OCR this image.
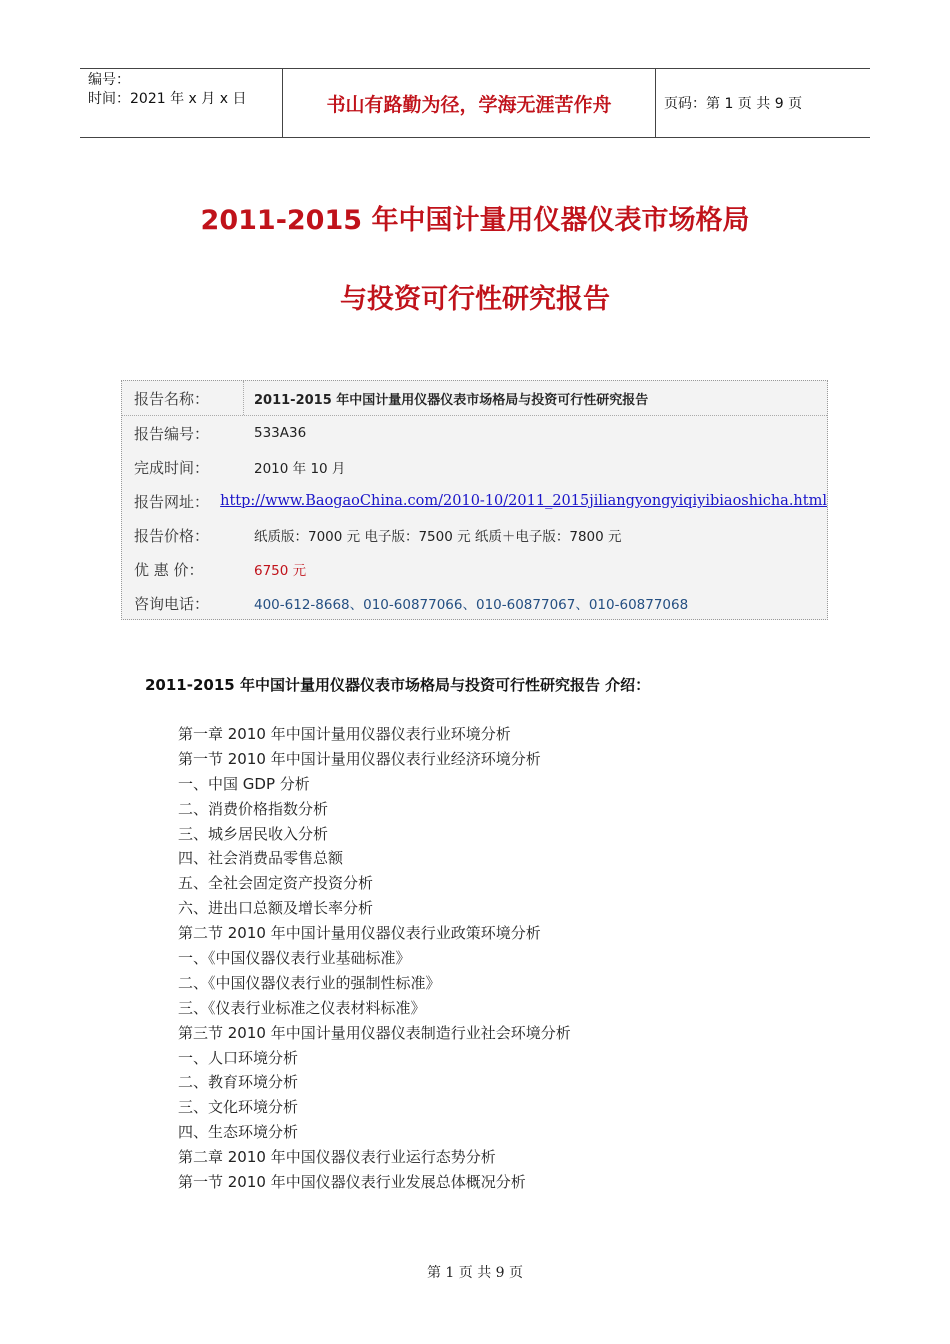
编号：
时间：2021 年 x 月 x 日	书山有路勤为径，学海无涯苦作舟	页码：第 1 页 共 9 页
2011-2015 年中国计量用仪器仪表市场格局
与投资可行性研究报告
报告名称：	2011-2015 年中国计量用仪器仪表市场格局与投资可行性研究报告
报告编号：	533A36
完成时间：	2010 年 10 月
报告网址： http://www.BaogaoChina.com/2010-10/2011_2015jiliangyongyiqiyibiaoshicha.html
报告价格：	纸质版：7000 元 电子版：7500 元 纸质＋电子版：7800 元
优 惠 价：	6750 元
咨询电话：	400-612-8668、010-60877066、010-60877067、010-60877068
2011-2015 年中国计量用仪器仪表市场格局与投资可行性研究报告 介绍：
第一章 2010 年中国计量用仪器仪表行业环境分析
第一节 2010 年中国计量用仪器仪表行业经济环境分析
一、中国 GDP 分析
二、消费价格指数分析
三、城乡居民收入分析
四、社会消费品零售总额
五、全社会固定资产投资分析
六、进出口总额及增长率分析
第二节 2010 年中国计量用仪器仪表行业政策环境分析
一、《中国仪器仪表行业基础标准》
二、《中国仪器仪表行业的强制性标准》
三、《仪表行业标准之仪表材料标准》
第三节 2010 年中国计量用仪器仪表制造行业社会环境分析
一、人口环境分析
二、教育环境分析
三、文化环境分析
四、生态环境分析
第二章 2010 年中国仪器仪表行业运行态势分析
第一节 2010 年中国仪器仪表行业发展总体概况分析
第 1 页 共 9 页
